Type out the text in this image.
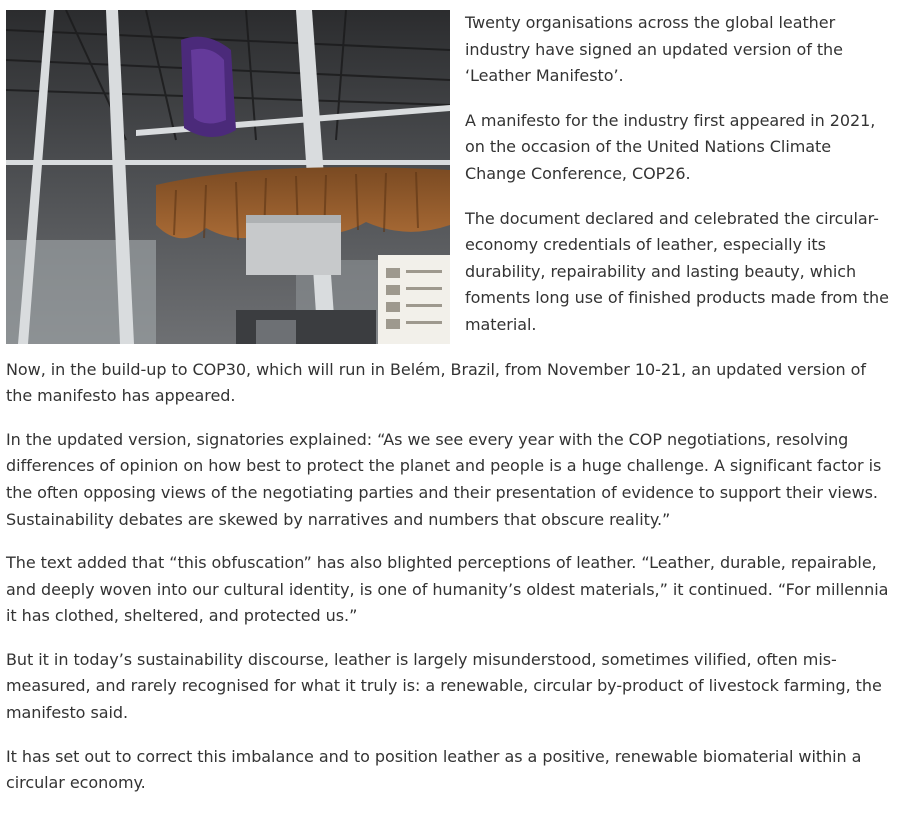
Twenty organisations across the global leather industry have signed an updated version of the ‘Leather Manifesto’.

A manifesto for the industry first appeared in 2021, on the occasion of the United Nations Climate Change Conference, COP26.

The document declared and celebrated the circular-economy credentials of leather, especially its durability, repairability and lasting beauty, which foments long use of finished products made from the material.

Now, in the build-up to COP30, which will run in Belém, Brazil, from November 10-21, an updated version of the manifesto has appeared.

In the updated version, signatories explained: “As we see every year with the COP negotiations, resolving differences of opinion on how best to protect the planet and people is a huge challenge. A significant factor is the often opposing views of the negotiating parties and their presentation of evidence to support their views. Sustainability debates are skewed by narratives and numbers that obscure reality.”

The text added that “this obfuscation” has also blighted perceptions of leather. “Leather, durable, repairable, and deeply woven into our cultural identity, is one of humanity’s oldest materials,” it continued. “For millennia it has clothed, sheltered, and protected us.”

But it in today’s sustainability discourse, leather is largely misunderstood, sometimes vilified, often mis-measured, and rarely recognised for what it truly is: a renewable, circular by-product of livestock farming, the manifesto said.

It has set out to correct this imbalance and to position leather as a positive, renewable biomaterial within a circular economy.
